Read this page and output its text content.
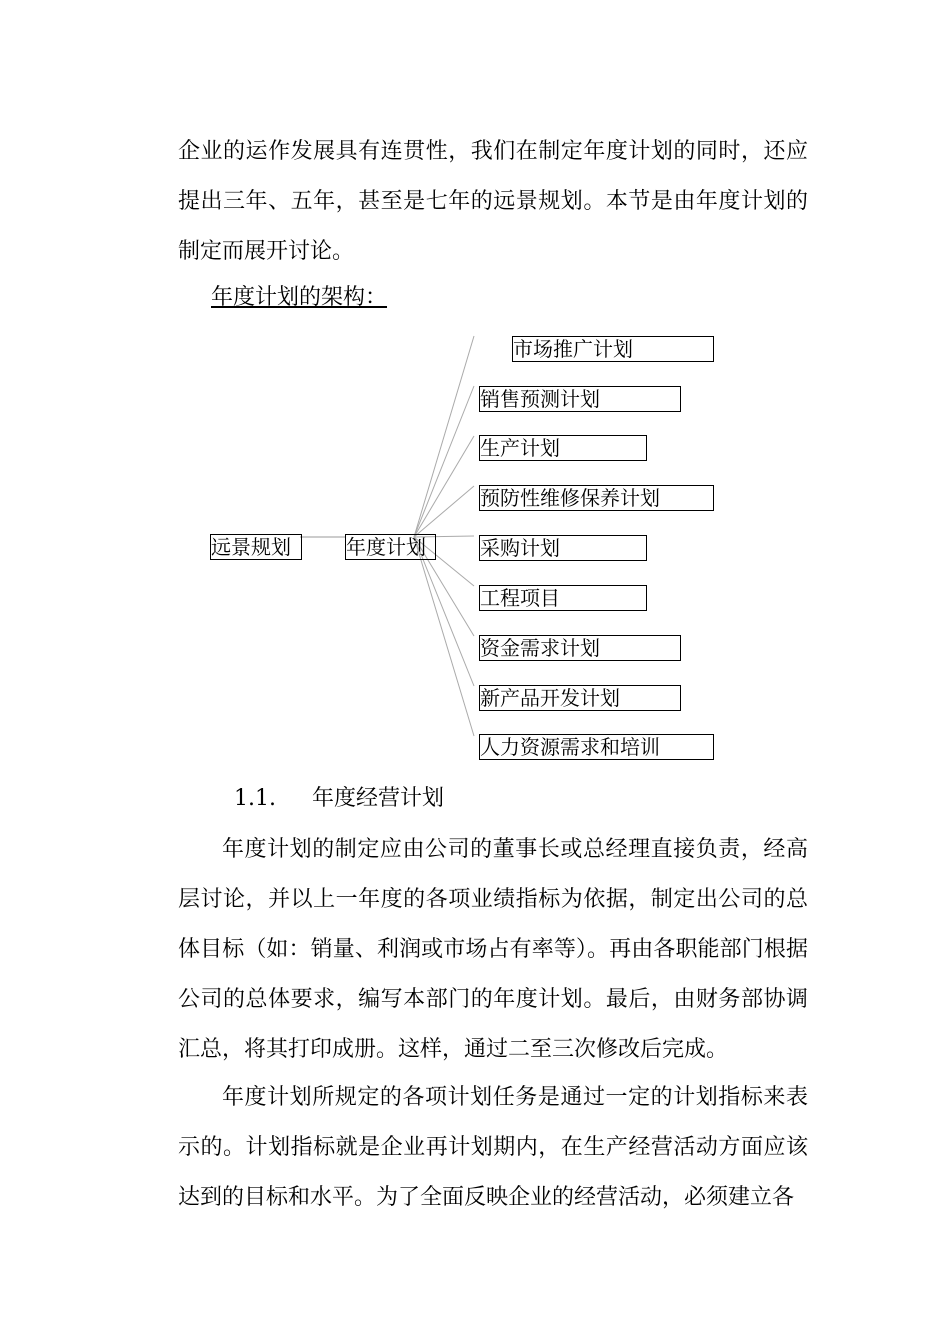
企业的运作发展具有连贯性，我们在制定年度计划的同时，还应提出三年、五年，甚至是七年的远景规划。本节是由年度计划的制定而展开讨论。

年度计划的架构：
远景规划	年度计划
市场推广计划
销售预测计划
生产计划
预防性维修保养计划
采购计划
工程项目
资金需求计划
新产品开发计划
人力资源需求和培训
1.1. 年度经营计划

年度计划的制定应由公司的董事长或总经理直接负责，经高层讨论，并以上一年度的各项业绩指标为依据，制定出公司的总体目标（如：销量、利润或市场占有率等）。再由各职能部门根据公司的总体要求，编写本部门的年度计划。最后，由财务部协调汇总，将其打印成册。这样，通过二至三次修改后完成。

年度计划所规定的各项计划任务是通过一定的计划指标来表示的。计划指标就是企业再计划期内，在生产经营活动方面应该达到的目标和水平。为了全面反映企业的经营活动，必须建立各
